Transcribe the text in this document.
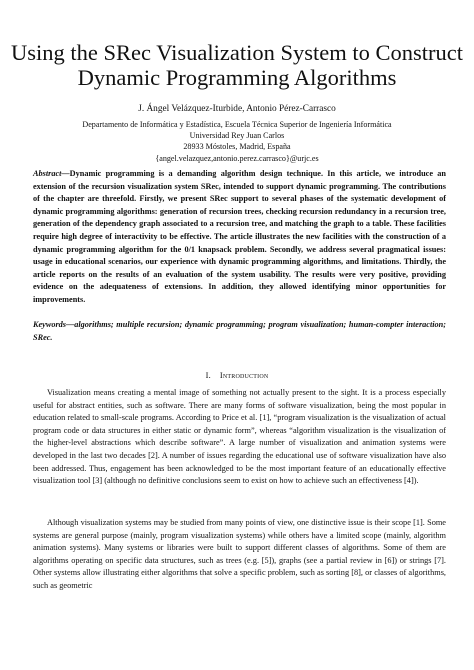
Using the SRec Visualization System to Construct
Dynamic Programming Algorithms
J. Ángel Velázquez-Iturbide, Antonio Pérez-Carrasco
Departamento de Informática y Estadística, Escuela Técnica Superior de Ingeniería Informática
Universidad Rey Juan Carlos
28933 Móstoles, Madrid, España
{angel.velazquez,antonio.perez.carrasco}@urjc.es
Abstract—Dynamic programming is a demanding algorithm design technique. In this article, we introduce an extension of the recursion visualization system SRec, intended to support dynamic programming. The contributions of the chapter are threefold. Firstly, we present SRec support to several phases of the systematic development of dynamic programming algorithms: generation of recursion trees, checking recursion redundancy in a recursion tree, generation of the dependency graph associated to a recursion tree, and matching the graph to a table. These facilities require high degree of interactivity to be effective. The article illustrates the new facilities with the construction of a dynamic programming algorithm for the 0/1 knapsack problem. Secondly, we address several pragmatical issues: usage in educational scenarios, our experience with dynamic programming algorithms, and limitations. Thirdly, the article reports on the results of an evaluation of the system usability. The results were very positive, providing evidence on the adequateness of extensions. In addition, they allowed identifying minor opportunities for improvements.
Keywords—algorithms; multiple recursion; dynamic programming; program visualization; human-compter interaction; SRec.
I. Introduction
Visualization means creating a mental image of something not actually present to the sight. It is a process especially useful for abstract entities, such as software. There are many forms of software visualization, being the most popular in education related to small-scale programs. According to Price et al. [1], “program visualization is the visualization of actual program code or data structures in either static or dynamic form”, whereas “algorithm visualization is the visualization of the higher-level abstractions which describe software”. A large number of visualization and animation systems were developed in the last two decades [2]. A number of issues regarding the educational use of software visualization have also been addressed. Thus, engagement has been acknowledged to be the most important feature of an educationally effective visualization tool [3] (although no definitive conclusions seem to exist on how to achieve such an effectiveness [4]).
Although visualization systems may be studied from many points of view, one distinctive issue is their scope [1]. Some systems are general purpose (mainly, program visualization systems) while others have a limited scope (mainly, algorithm animation systems). Many systems or libraries were built to support different classes of algorithms. Some of them are algorithms operating on specific data structures, such as trees (e.g. [5]), graphs (see a partial review in [6]) or strings [7]. Other systems allow illustrating either algorithms that solve a specific problem, such as sorting [8], or classes of algorithms, such as geometric
